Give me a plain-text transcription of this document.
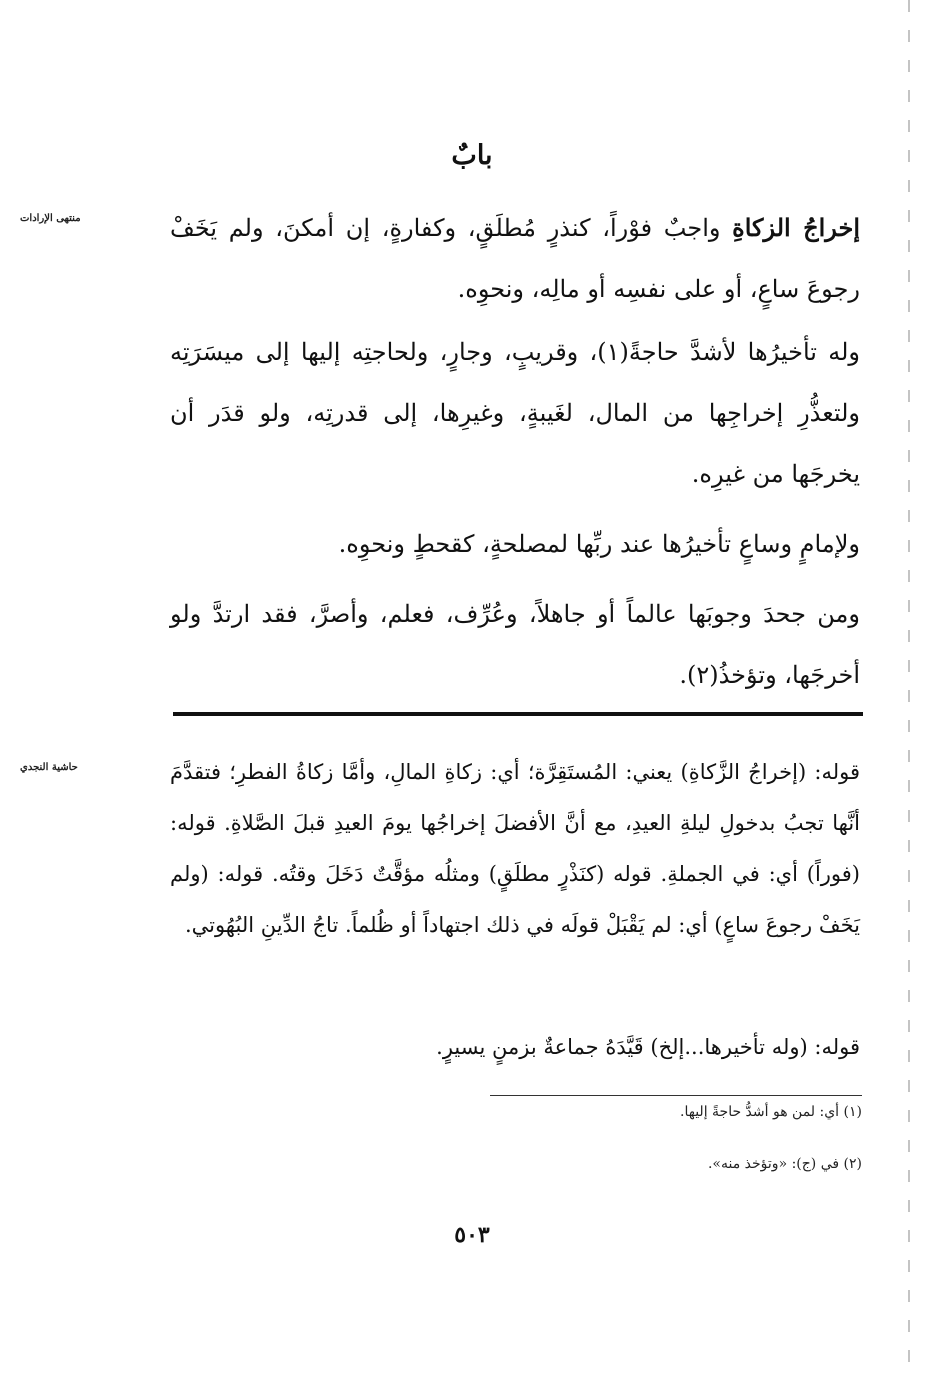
بابٌ
منتهى الإرادات	إخراجُ الزكاةِ واجبٌ فوْراً، كنذرٍ مُطلَقٍ، وكفارةٍ، إن أمكنَ، ولم يَخَفْ رجوعَ ساعٍ، أو على نفسِه أو مالِه، ونحوِه.
وله تأخيرُها لأشدَّ حاجةً(١)، وقريبٍ، وجارٍ، ولحاجتِه إليها إلى ميسَرَتِه ولتعذُّرِ إخراجِها من المال، لغَيبةٍ، وغيرِها، إلى قدرتِه، ولو قدَر أن يخرجَها من غيرِه.
ولإمامٍ وساعٍ تأخيرُها عند ربِّها لمصلحةٍ، كقحطٍ ونحوِه.
ومن جحدَ وجوبَها عالماً أو جاهلاً، وعُرِّف، فعلم، وأصرَّ، فقد ارتدَّ ولو أخرجَها، وتؤخذُ(٢).
حاشية النجدي	قوله: (إخراجُ الزَّكاةِ) يعني: المُستَقِرَّة؛ أي: زكاةِ المالِ، وأمَّا زكاةُ الفطرِ؛ فتقدَّمَ أنَّها تجبُ بدخولِ ليلةِ العيدِ، مع أنَّ الأفضلَ إخراجُها يومَ العيدِ قبلَ الصَّلاةِ. قوله: (فوراً) أي: في الجملةِ. قوله (كنَذْرٍ مطلَقٍ) ومثلُه مؤقَّتٌ دَخَلَ وقتُه. قوله: (ولم يَخَفْ رجوعَ ساعٍ) أي: لم يَقْبَلْ قولَه في ذلك اجتهاداً أو ظُلماً. تاجُ الدِّينِ البُهُوتي.
قوله: (وله تأخيرها...إلخ) قَيَّدَهُ جماعةٌ بزمنٍ يسيرٍ.
(١) أي: لمن هو أشدُّ حاجةً إليها.
(٢) في (ج): «وتؤخذ منه».
٥٠٣
